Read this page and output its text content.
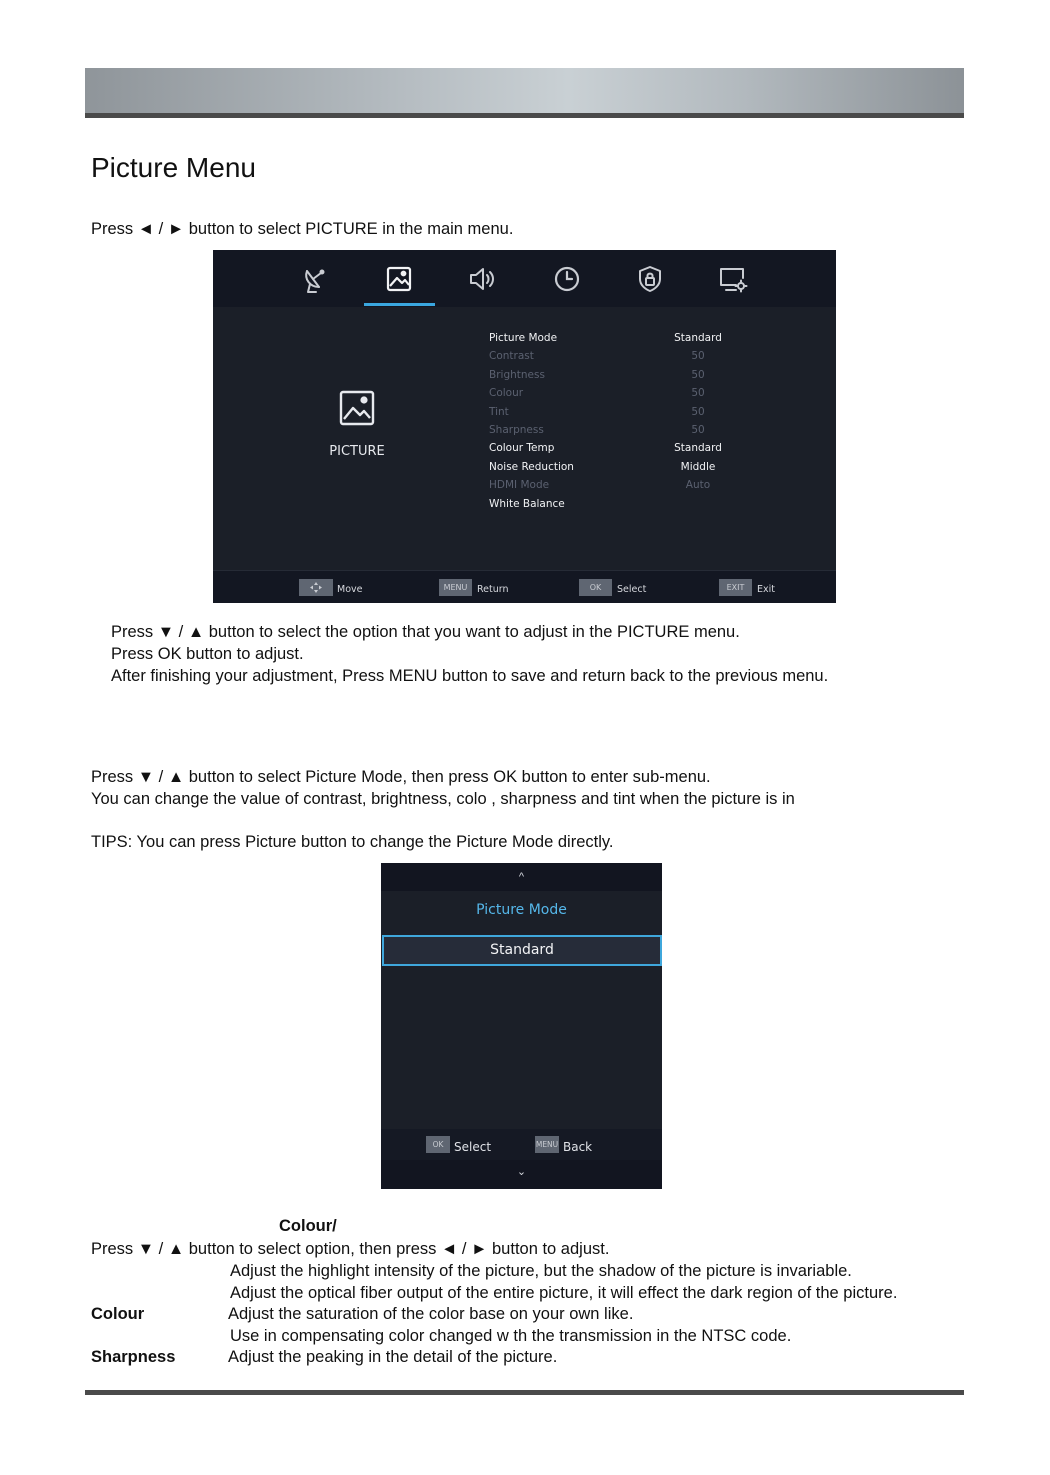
Picture Menu
Press ◄ / ► button to select PICTURE in the main menu.
PICTURE
Picture Mode	Standard
Contrast	50
Brightness	50
Colour	50
Tint	50
Sharpness	50
Colour Temp	Standard
Noise Reduction	Middle
HDMI Mode	Auto
White Balance
Move	MENU	Return	OK	Select	EXIT	Exit
Press ▼ / ▲ button to select the option that you want to adjust in the PICTURE menu.
Press OK button to adjust.
After finishing your adjustment, Press MENU button to save and return back to the previous menu.
Press ▼ / ▲ button to select Picture Mode, then press OK button to enter sub-menu.
You can change the value of contrast, brightness, colo , sharpness and tint when the picture is in
TIPS: You can press Picture button to change the Picture Mode directly.
^
Picture Mode
Standard
OK Select	MENU Back
⌄
Colour/
Press ▼ / ▲ button to select option, then press ◄ / ► button to adjust.
Adjust the highlight intensity of the picture, but the shadow of the picture is invariable.
Adjust the optical fiber output of the entire picture, it will effect the dark region of the picture.
Colour	Adjust the saturation of the color base on your own like.
Use in compensating color changed w th the transmission in the NTSC code.
Sharpness	Adjust the peaking in the detail of the picture.
